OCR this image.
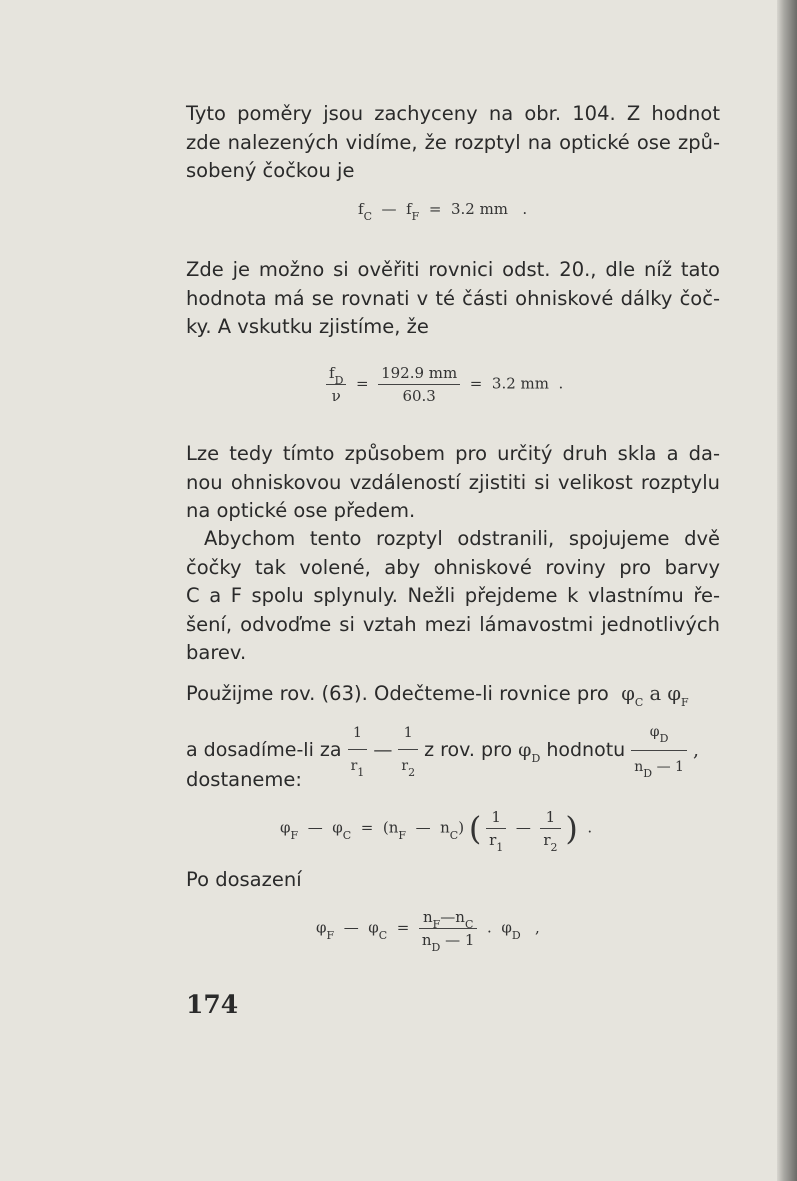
Tyto poměry jsou zachyceny na obr. 104. Z hodnot
zde nalezených vidíme, že rozptyl na optické ose způ-
sobený čočkou je
$f_C$ — $f_F = 3.2$ mm .
Zde je možno si ověřiti rovnici odst. 20., dle níž tato
hodnota má se rovnati v té části ohniskové dálky čoč-
ky. A vskutku zjistíme, že
$\frac{f_D}{\nu} = \frac{192.9 mm}{60.3} = 3.2$ mm .
Lze tedy tímto způsobem pro určitý druh skla a da-
nou ohniskovou vzdáleností zjistiti si velikost rozptylu
na optické ose předem.
Abychom tento rozptyl odstranili, spojujeme dvě
čočky tak volené, aby ohniskové roviny pro barvy
C a F spolu splynuly. Nežli přejdeme k vlastnímu ře-
šení, odvoďme si vztah mezi lámavostmi jednotlivých
barev.
Použijme rov. (63). Odečteme-li rovnice pro $\varphi_C$ a $\varphi_F$
a dosadíme-li za $\frac{1}{r_1}$ — $\frac{1}{r_2}$ z rov. pro $\varphi_D$ hodnotu $\frac{\varphi_D}{n_D — 1}$ ,
dostaneme:
$\varphi_F$ — $\varphi_C = (n_F$ — $n_C$) ( $\frac{1}{r_1}$ — $\frac{1}{r_2}$ ) .
Po dosazení
$\varphi_F$ — $\varphi_C = \frac{n_F—n_C}{n_D — 1}$ . $\varphi_D$ ,
174
